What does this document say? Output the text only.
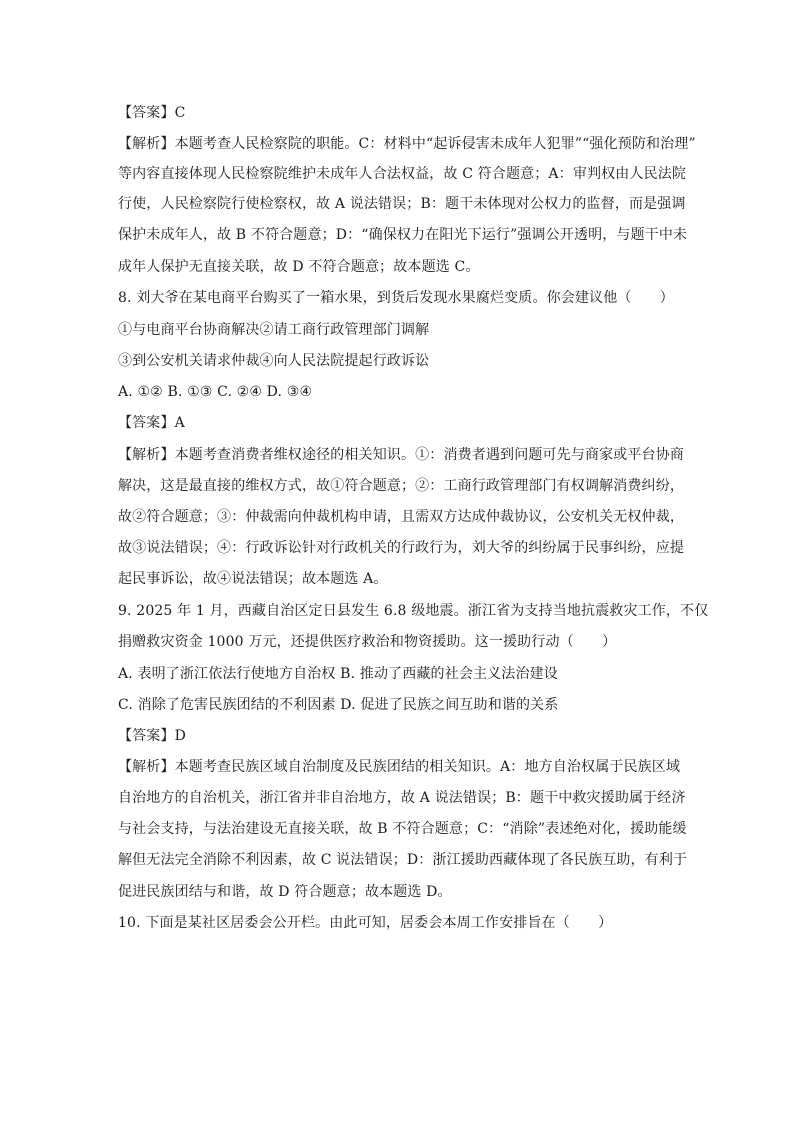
【答案】C
【解析】本题考查人民检察院的职能。C：材料中“起诉侵害未成年人犯罪”“强化预防和治理”
等内容直接体现人民检察院维护未成年人合法权益，故 C 符合题意；A：审判权由人民法院
行使，人民检察院行使检察权，故 A 说法错误；B：题干未体现对公权力的监督，而是强调
保护未成年人，故 B 不符合题意；D：“确保权力在阳光下运行”强调公开透明，与题干中未
成年人保护无直接关联，故 D 不符合题意；故本题选 C。
8. 刘大爷在某电商平台购买了一箱水果，到货后发现水果腐烂变质。你会建议他（　　）
①与电商平台协商解决②请工商行政管理部门调解
③到公安机关请求仲裁④向人民法院提起行政诉讼
A. ①② B. ①③ C. ②④ D. ③④
【答案】A
【解析】本题考查消费者维权途径的相关知识。①：消费者遇到问题可先与商家或平台协商
解决，这是最直接的维权方式，故①符合题意；②：工商行政管理部门有权调解消费纠纷，
故②符合题意；③：仲裁需向仲裁机构申请，且需双方达成仲裁协议，公安机关无权仲裁，
故③说法错误；④：行政诉讼针对行政机关的行政行为，刘大爷的纠纷属于民事纠纷，应提
起民事诉讼，故④说法错误；故本题选 A。
9. 2025 年 1 月，西藏自治区定日县发生 6.8 级地震。浙江省为支持当地抗震救灾工作，不仅
捐赠救灾资金 1000 万元，还提供医疗救治和物资援助。这一援助行动（　　）
A. 表明了浙江依法行使地方自治权 B. 推动了西藏的社会主义法治建设
C. 消除了危害民族团结的不利因素 D. 促进了民族之间互助和谐的关系
【答案】D
【解析】本题考查民族区域自治制度及民族团结的相关知识。A：地方自治权属于民族区域
自治地方的自治机关，浙江省并非自治地方，故 A 说法错误；B：题干中救灾援助属于经济
与社会支持，与法治建设无直接关联，故 B 不符合题意；C：“消除”表述绝对化，援助能缓
解但无法完全消除不利因素，故 C 说法错误；D：浙江援助西藏体现了各民族互助，有利于
促进民族团结与和谐，故 D 符合题意；故本题选 D。
10. 下面是某社区居委会公开栏。由此可知，居委会本周工作安排旨在（　　）
